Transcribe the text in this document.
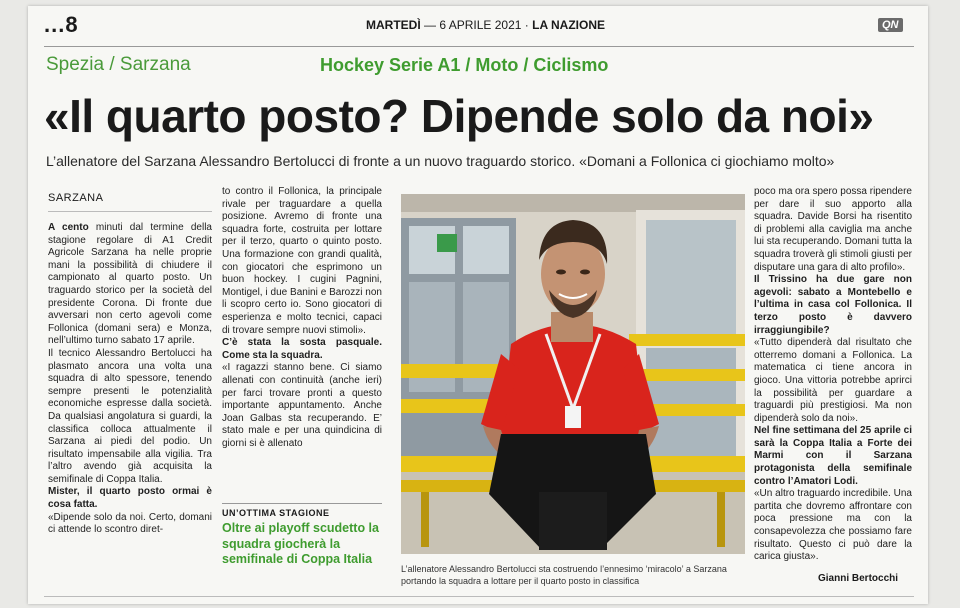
...8	MARTEDÌ — 6 APRILE 2021 · LA NAZIONE	QN
Spezia / Sarzana	Hockey Serie A1 / Moto / Ciclismo
«Il quarto posto? Dipende solo da noi»
L’allenatore del Sarzana Alessandro Bertolucci di fronte a un nuovo traguardo storico. «Domani a Follonica ci giochiamo molto»
SARZANA

A cento minuti dal termine della stagione regolare di A1 Credit Agricole Sarzana ha nelle proprie mani la possibilità di chiudere il campionato al quarto posto. Un traguardo storico per la società del presidente Corona. Di fronte due avversari non certo agevoli come Follonica (domani sera) e Monza, nell’ultimo turno sabato 17 aprile.

Il tecnico Alessandro Bertolucci ha plasmato ancora una volta una squadra di alto spessore, tenendo sempre presenti le potenzialità economiche espresse dalla società. Da qualsiasi angolatura si guardi, la classifica colloca attualmente il Sarzana ai piedi del podio. Un risultato impensabile alla vigilia. Tra l’altro avendo già acquisita la semifinale di Coppa Italia.

Mister, il quarto posto ormai è cosa fatta.

«Dipende solo da noi. Certo, domani ci attende lo scontro diret-

to contro il Follonica, la principale rivale per traguardare a quella posizione. Avremo di fronte una squadra forte, costruita per lottare per il terzo, quarto o quinto posto. Una formazione con grandi qualità, con giocatori che esprimono un buon hockey. I cugini Pagnini, Montigel, i due Banini e Barozzi non li scopro certo io. Sono giocatori di esperienza e molto tecnici, capaci di trovare sempre nuovi stimoli».

C’è stata la sosta pasquale. Come sta la squadra.

«I ragazzi stanno bene. Ci siamo allenati con continuità (anche ieri) per farci trovare pronti a questo importante appuntamento. Anche Joan Galbas sta recuperando. E’ stato male e per una quindicina di giorni si è allenato

UN’OTTIMA STAGIONE
Oltre ai playoff scudetto la squadra giocherà la semifinale di Coppa Italia
L’allenatore Alessandro Bertolucci sta costruendo l’ennesimo ‘miracolo’ a Sarzana portando la squadra a lottare per il quarto posto in classifica

poco ma ora spero possa ripendere per dare il suo apporto alla squadra. Davide Borsi ha risentito di problemi alla caviglia ma anche lui sta recuperando. Domani tutta la squadra troverà gli stimoli giusti per disputare una gara di alto profilo».

Il Trissino ha due gare non agevoli: sabato a Montebello e l’ultima in casa col Follonica. Il terzo posto è davvero irraggiungibile?

«Tutto dipenderà dal risultato che otterremo domani a Follonica. La matematica ci tiene ancora in gioco. Una vittoria potrebbe aprirci la possibilità per guardare a traguardi più prestigiosi. Ma non dipenderà solo da noi».

Nel fine settimana del 25 aprile ci sarà la Coppa Italia a Forte dei Marmi con il Sarzana protagonista della semifinale contro l’Amatori Lodi.

«Un altro traguardo incredibile. Una partita che dovremo affrontare con poca pressione ma con la consapevolezza che possiamo fare risultato. Questo ci può dare la carica giusta».

Gianni Bertocchi
